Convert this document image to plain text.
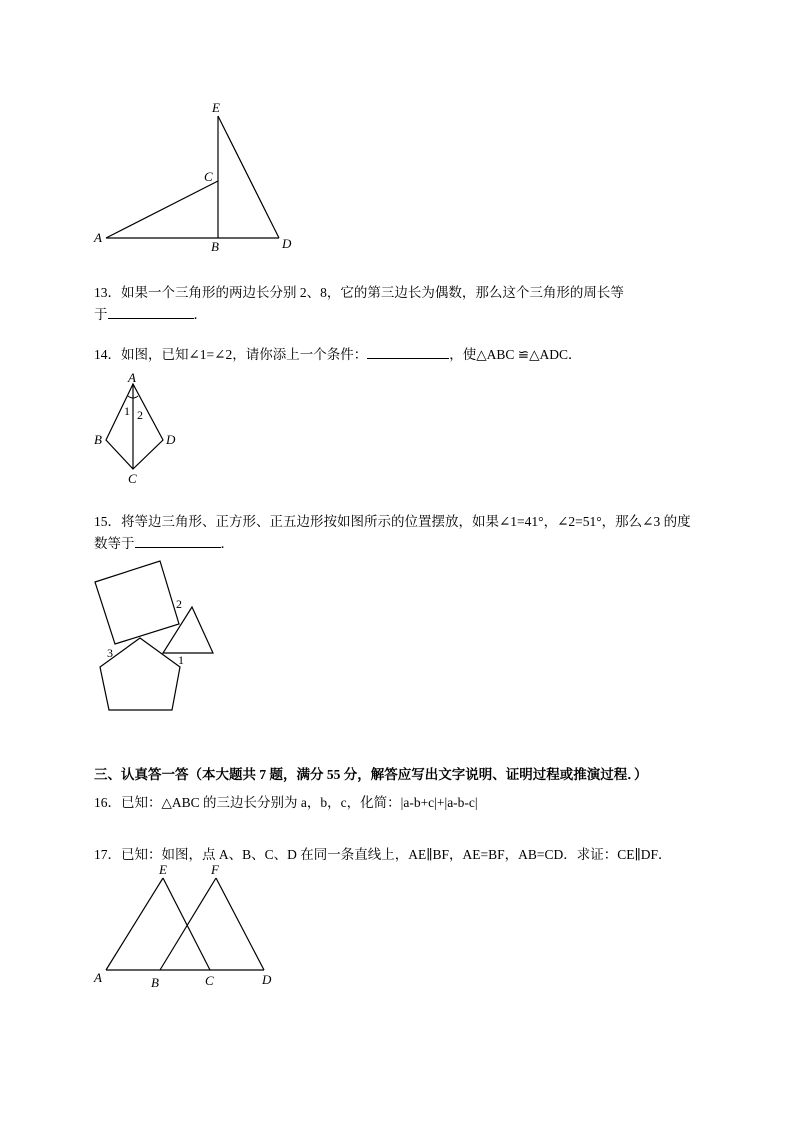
E
C
A
B	D
13．如果一个三角形的两边长分别 2、8，它的第三边长为偶数，那么这个三角形的周长等
于	．
14．如图，已知∠1=∠2，请你添上一个条件：	，使△ABC ≌△ADC．
A
B
C
D
1 2
15．将等边三角形、正方形、正五边形按如图所示的位置摆放，如果∠1=41°，∠2=51°，那么∠3 的度
数等于	．
2
3	1
三、认真答一答（本大题共 7 题，满分 55 分，解答应写出文字说明、证明过程或推演过程．）
16．已知：△ABC 的三边长分别为 a，b，c，化简：|a-b+c|+|a-b-c|
17．已知：如图，点 A、B、C、D 在同一条直线上，AE∥BF，AE=BF，AB=CD．求证：CE∥DF．
E	F
A	B	C	D
